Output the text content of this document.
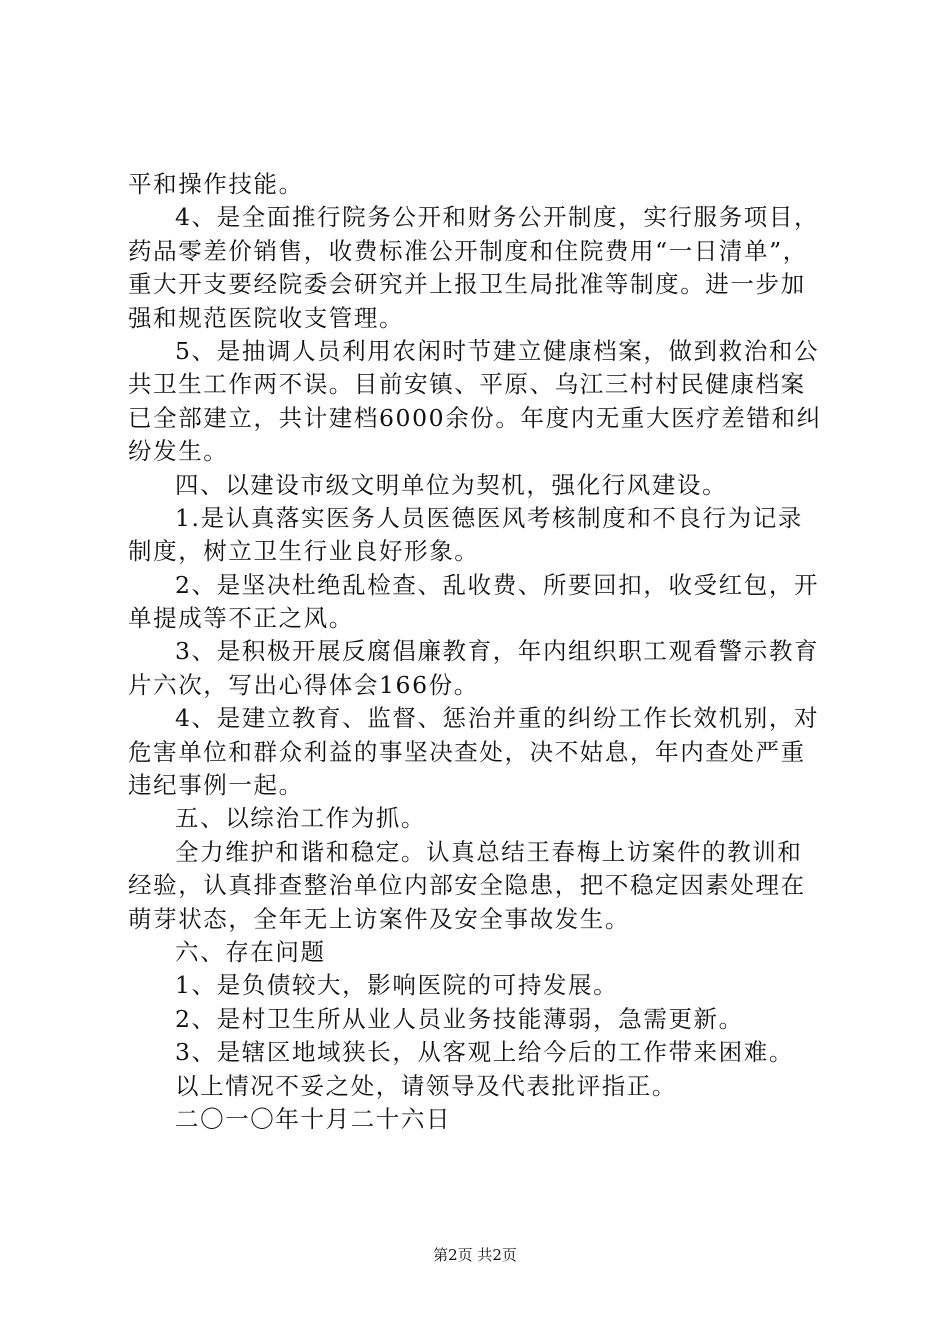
平和操作技能。
4、是全面推行院务公开和财务公开制度，实行服务项目，
药品零差价销售，收费标准公开制度和住院费用“一日清单”，
重大开支要经院委会研究并上报卫生局批准等制度。进一步加
强和规范医院收支管理。
5、是抽调人员利用农闲时节建立健康档案，做到救治和公
共卫生工作两不误。目前安镇、平原、乌江三村村民健康档案
已全部建立，共计建档6000余份。年度内无重大医疗差错和纠
纷发生。
四、以建设市级文明单位为契机，强化行风建设。
1.是认真落实医务人员医德医风考核制度和不良行为记录
制度，树立卫生行业良好形象。
2、是坚决杜绝乱检查、乱收费、所要回扣，收受红包，开
单提成等不正之风。
3、是积极开展反腐倡廉教育，年内组织职工观看警示教育
片六次，写出心得体会166份。
4、是建立教育、监督、惩治并重的纠纷工作长效机别，对
危害单位和群众利益的事坚决查处，决不姑息，年内查处严重
违纪事例一起。
五、以综治工作为抓。
全力维护和谐和稳定。认真总结王春梅上访案件的教训和
经验，认真排查整治单位内部安全隐患，把不稳定因素处理在
萌芽状态，全年无上访案件及安全事故发生。
六、存在问题
1、是负债较大，影响医院的可持发展。
2、是村卫生所从业人员业务技能薄弱，急需更新。
3、是辖区地域狭长，从客观上给今后的工作带来困难。
以上情况不妥之处，请领导及代表批评指正。
二〇一〇年十月二十六日
第2页 共2页
